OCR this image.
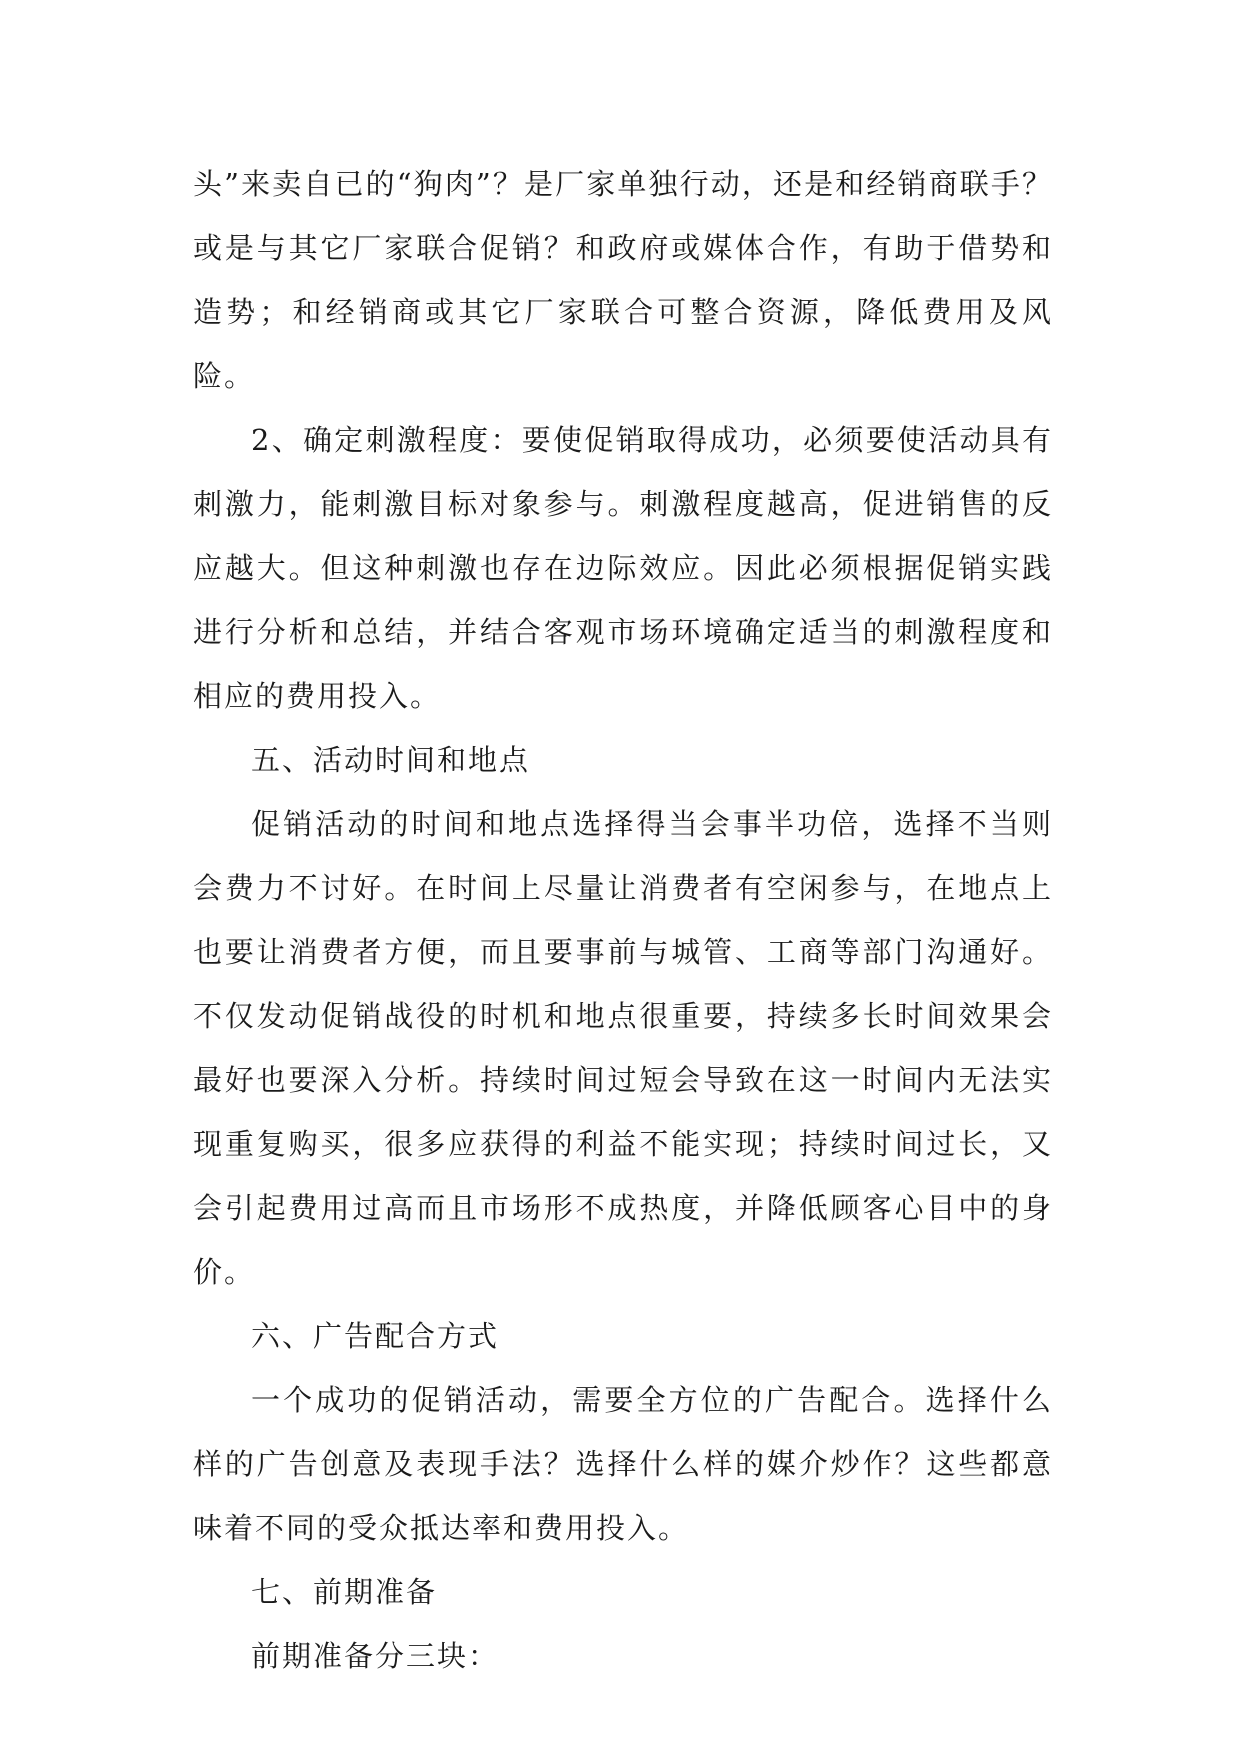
头”来卖自已的“狗肉”？是厂家单独行动，还是和经销商联手？或是与其它厂家联合促销？和政府或媒体合作，有助于借势和造势；和经销商或其它厂家联合可整合资源，降低费用及风险。

2、确定刺激程度：要使促销取得成功，必须要使活动具有刺激力，能刺激目标对象参与。刺激程度越高，促进销售的反应越大。但这种刺激也存在边际效应。因此必须根据促销实践进行分析和总结，并结合客观市场环境确定适当的刺激程度和相应的费用投入。

五、活动时间和地点

促销活动的时间和地点选择得当会事半功倍，选择不当则会费力不讨好。在时间上尽量让消费者有空闲参与，在地点上也要让消费者方便，而且要事前与城管、工商等部门沟通好。不仅发动促销战役的时机和地点很重要，持续多长时间效果会最好也要深入分析。持续时间过短会导致在这一时间内无法实现重复购买，很多应获得的利益不能实现；持续时间过长，又会引起费用过高而且市场形不成热度，并降低顾客心目中的身价。

六、广告配合方式

一个成功的促销活动，需要全方位的广告配合。选择什么样的广告创意及表现手法？选择什么样的媒介炒作？这些都意味着不同的受众抵达率和费用投入。

七、前期准备

前期准备分三块：
